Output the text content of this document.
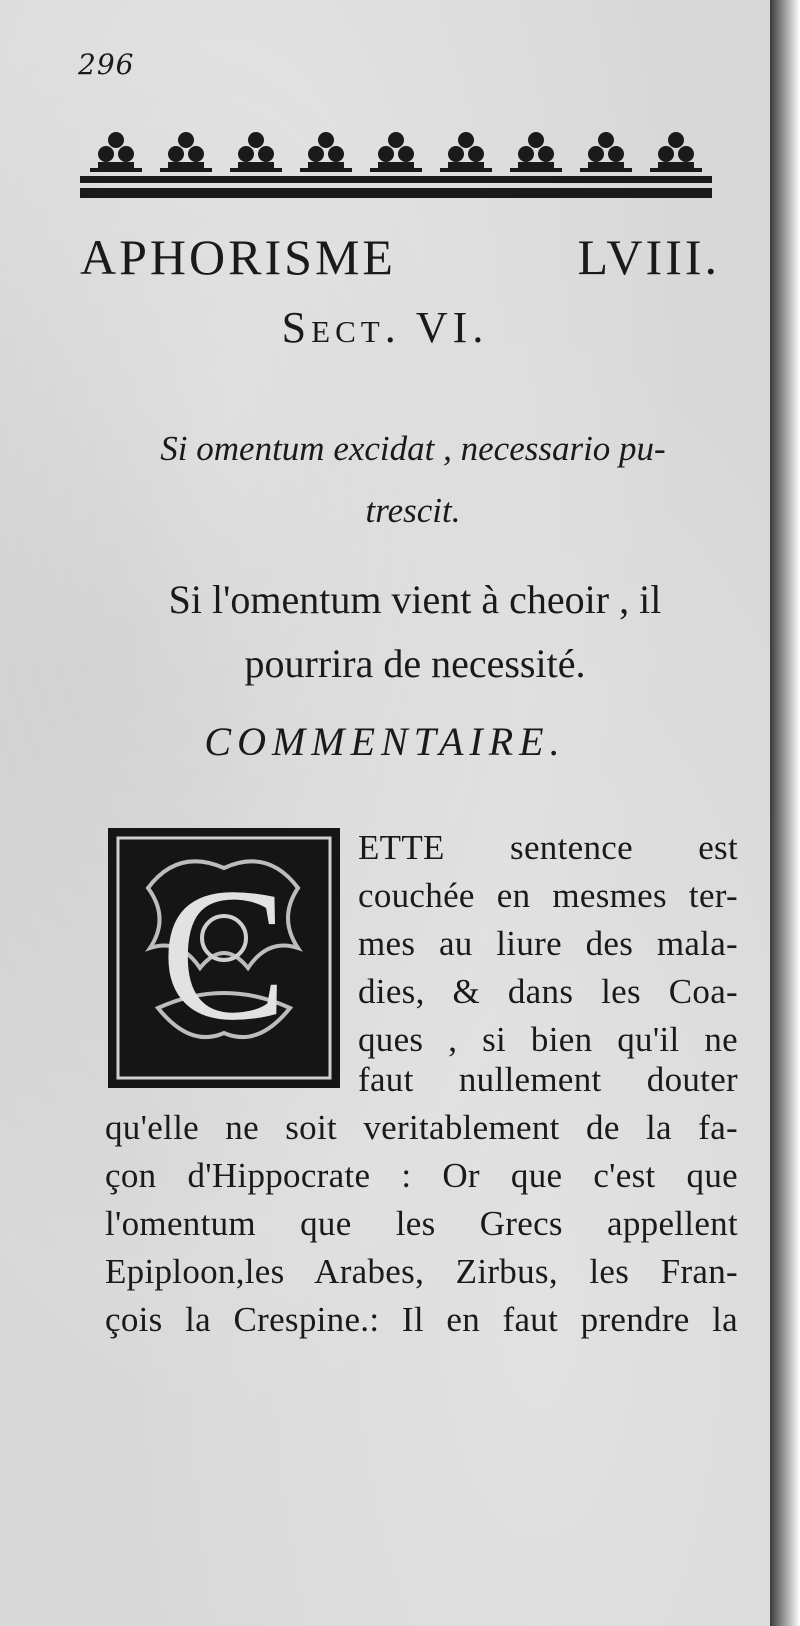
296
APHORISME	LVIII.
Sect. VI.
Si omentum excidat , necessario pu-
trescit.
Si l'omentum vient à cheoir , il
pourrira de necessité.
COMMENTAIRE.
C
ETTE sentence est
couchée en mesmes ter-
mes au liure des mala-
dies, & dans les Coa-
ques , si bien qu'il ne
faut nullement douter
qu'elle ne soit veritablement de la fa-
çon d'Hippocrate : Or que c'est que
l'omentum que les Grecs appellent
Epiploon,les Arabes, Zirbus, les Fran-
çois la Crespine.: Il en faut prendre la
